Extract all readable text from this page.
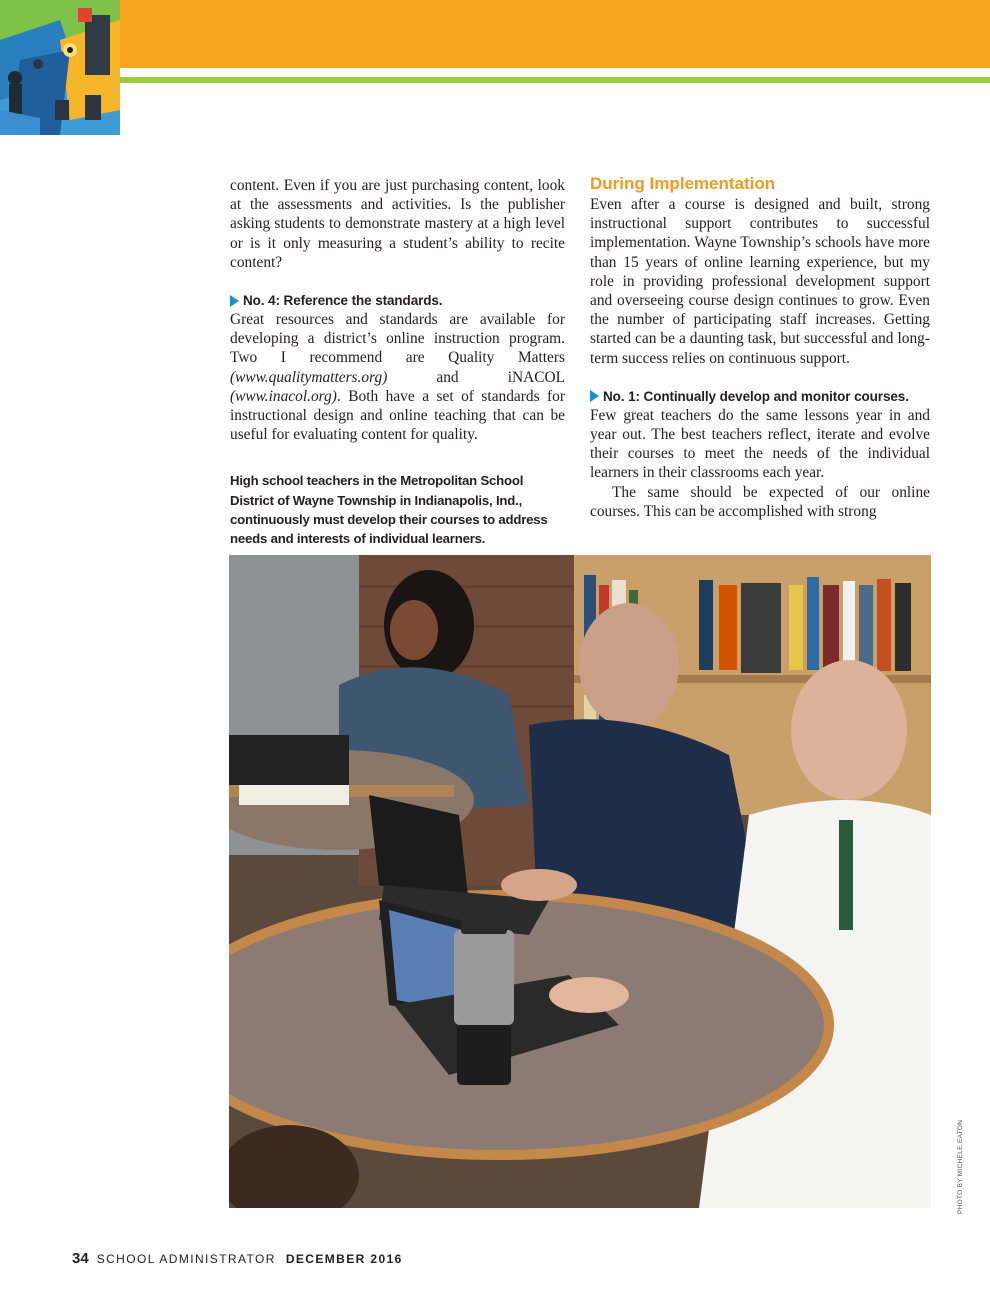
content. Even if you are just purchasing content, look at the assessments and activities. Is the publisher asking students to demonstrate mastery at a high level or is it only measuring a student’s ability to recite content?

No. 4: Reference the standards.

Great resources and standards are available for developing a district’s online instruction program. Two I recommend are Quality Matters (www.qualitymatters.org) and iNACOL (www.inacol.org). Both have a set of standards for instructional design and online teaching that can be useful for evaluating content for quality.

High school teachers in the Metropolitan School District of Wayne Township in Indianapolis, Ind., continuously must develop their courses to address needs and interests of individual learners.
During Implementation

Even after a course is designed and built, strong instructional support contributes to successful implementation. Wayne Township’s schools have more than 15 years of online learning experience, but my role in providing professional development support and overseeing course design continues to grow. Even the number of participating staff increases. Getting started can be a daunting task, but successful and long-term success relies on continuous support.

No. 1: Continually develop and monitor courses.

Few great teachers do the same lessons year in and year out. The best teachers reflect, iterate and evolve their courses to meet the needs of the individual learners in their classrooms each year.

The same should be expected of our online courses. This can be accomplished with strong

PHOTO BY MICHELE EATON
34 SCHOOL ADMINISTRATOR DECEMBER 2016
